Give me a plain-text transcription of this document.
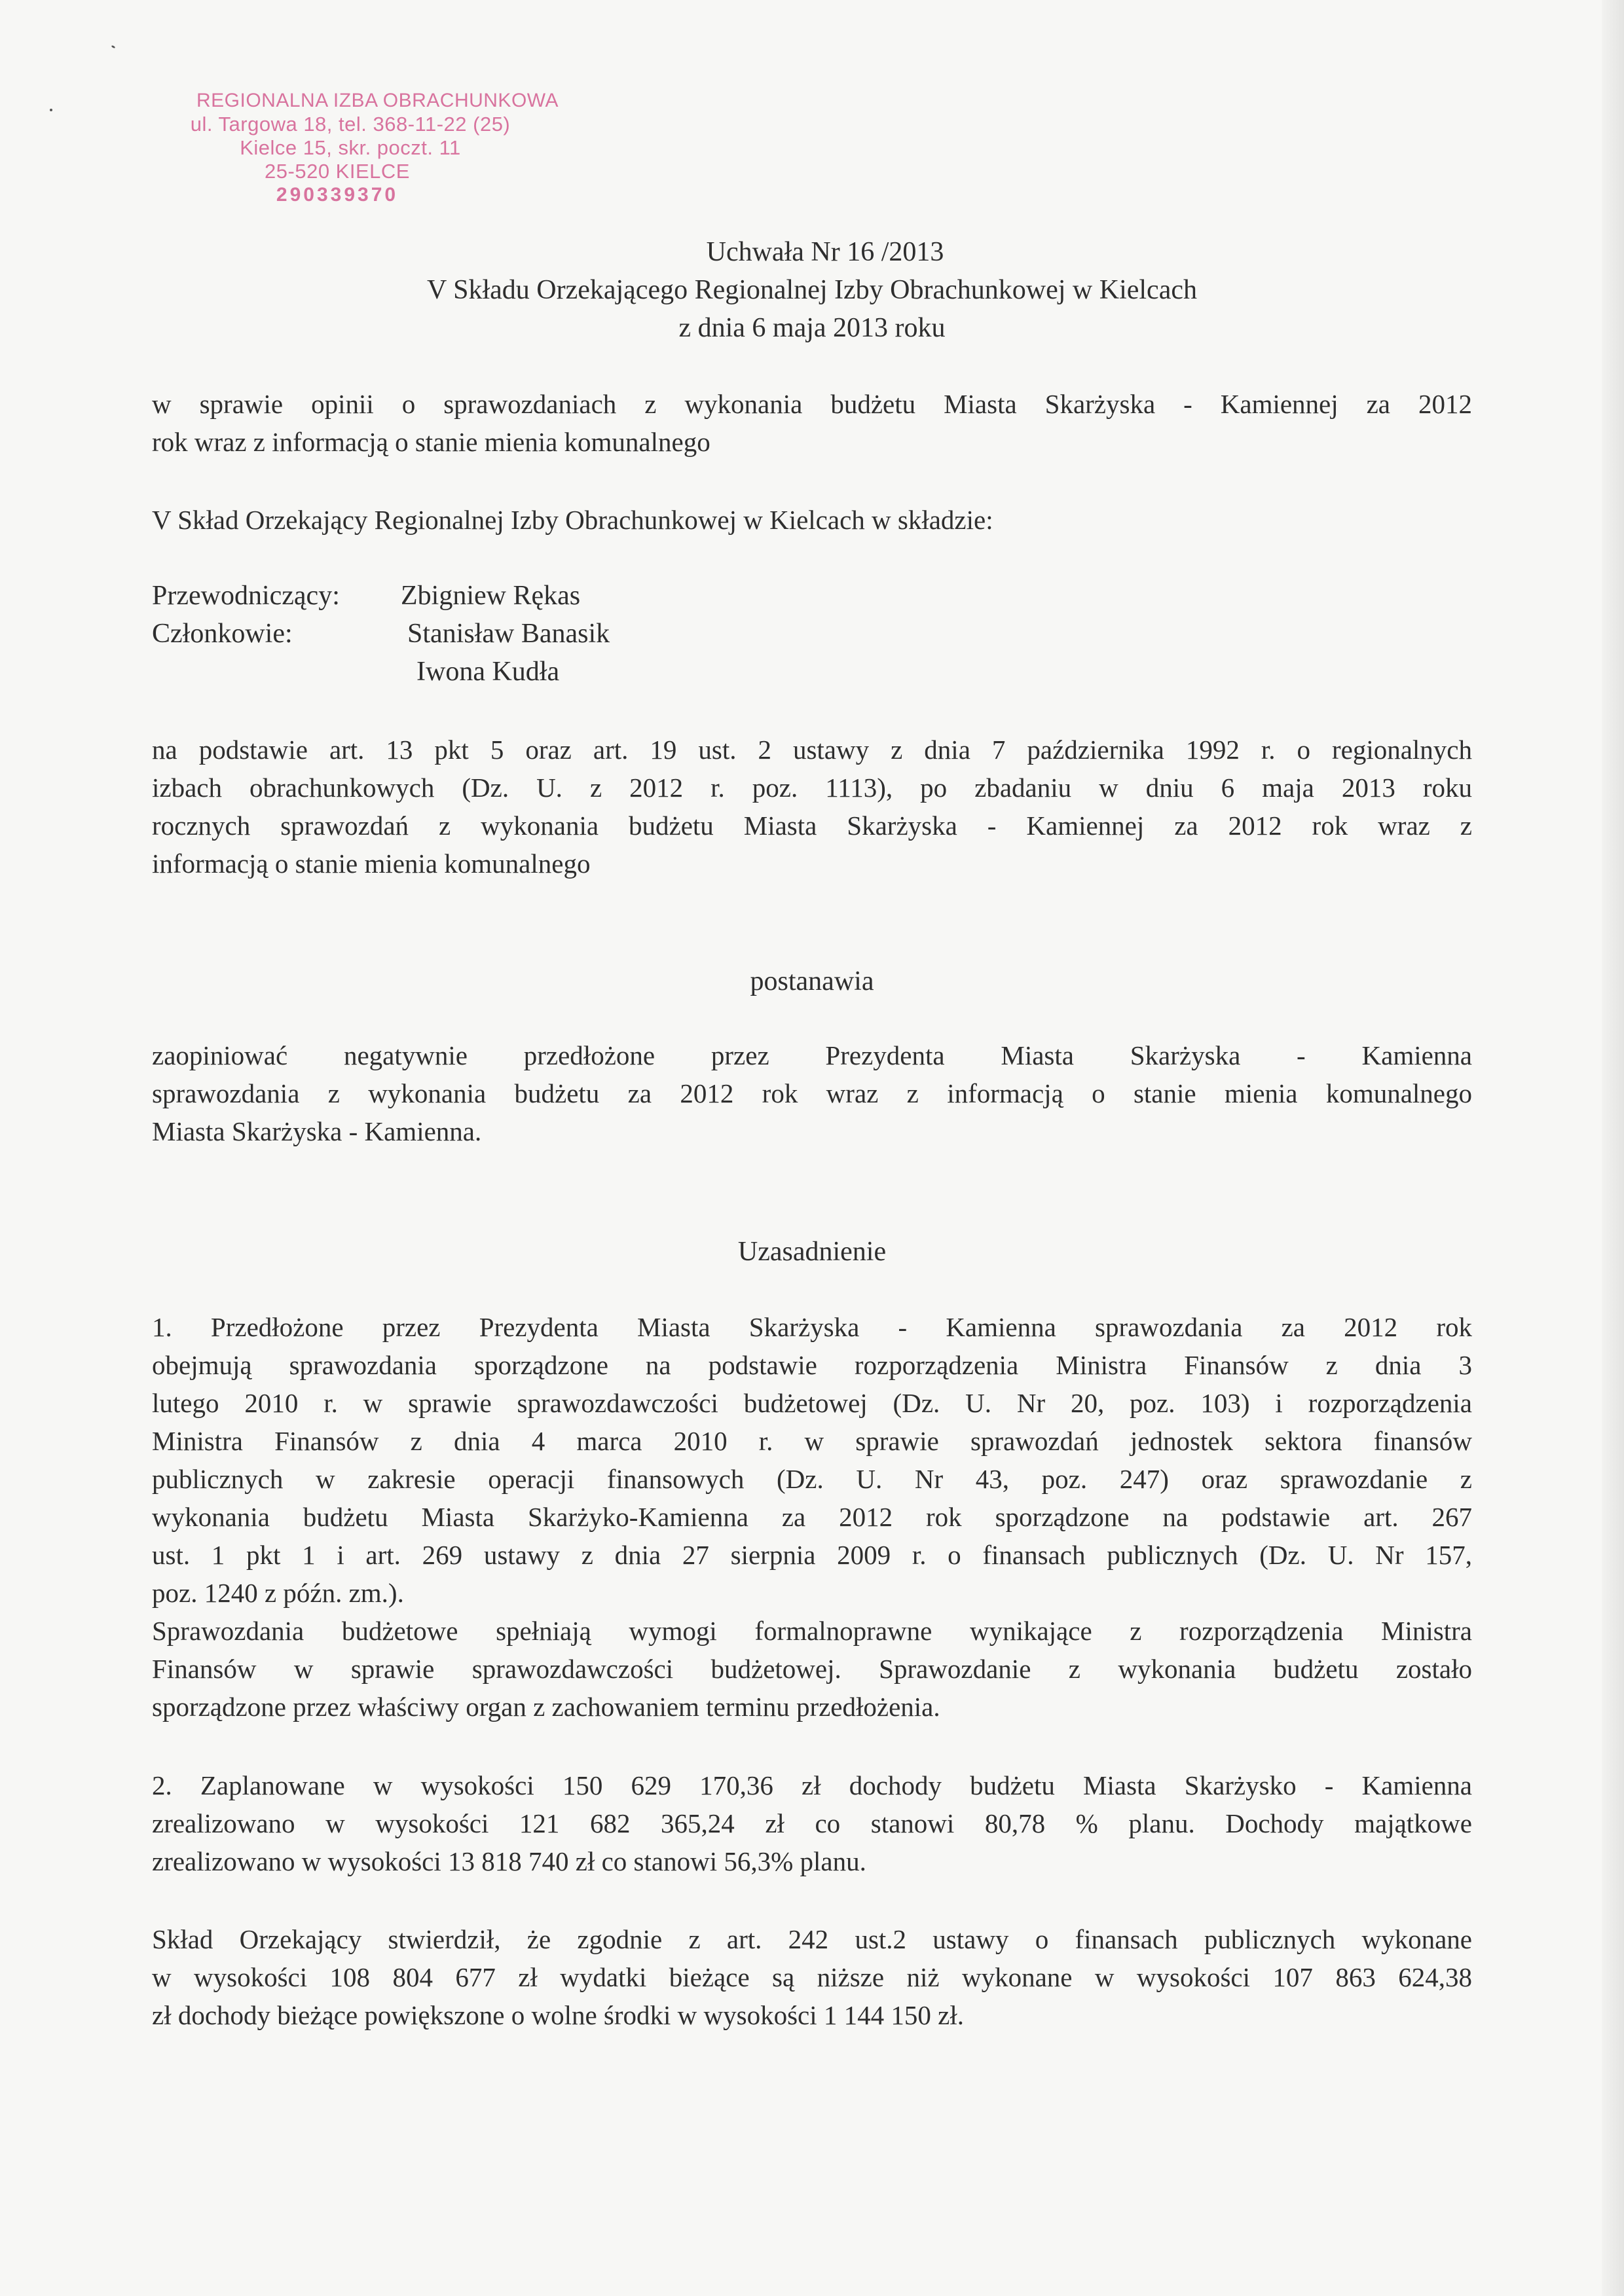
REGIONALNA IZBA OBRACHUNKOWA
ul. Targowa 18, tel. 368-11-22 (25)
Kielce 15, skr. poczt. 11
25-520 KIELCE
290339370
Uchwała Nr 16 /2013
V Składu Orzekającego Regionalnej Izby Obrachunkowej w Kielcach
z dnia 6 maja 2013 roku

w sprawie opinii o sprawozdaniach z wykonania budżetu Miasta Skarżyska - Kamiennej za 2012

rok wraz z informacją o stanie mienia komunalnego

V Skład Orzekający Regionalnej Izby Obrachunkowej w Kielcach w składzie:

Przewodniczący: Zbigniew Rękas
Członkowie:	Stanisław Banasik
Iwona Kudła

na podstawie art. 13 pkt 5 oraz art. 19 ust. 2 ustawy z dnia 7 października 1992 r. o regionalnych

izbach obrachunkowych (Dz. U. z 2012 r. poz. 1113), po zbadaniu w dniu 6 maja 2013 roku

rocznych sprawozdań z wykonania budżetu Miasta Skarżyska - Kamiennej za 2012 rok wraz z

informacją o stanie mienia komunalnego

postanawia

zaopiniować negatywnie przedłożone przez Prezydenta Miasta Skarżyska - Kamienna

sprawozdania z wykonania budżetu za 2012 rok wraz z informacją o stanie mienia komunalnego

Miasta Skarżyska - Kamienna.

Uzasadnienie

1. Przedłożone przez Prezydenta Miasta Skarżyska - Kamienna sprawozdania za 2012 rok

obejmują sprawozdania sporządzone na podstawie rozporządzenia Ministra Finansów z dnia 3

lutego 2010 r. w sprawie sprawozdawczości budżetowej (Dz. U. Nr 20, poz. 103) i rozporządzenia

Ministra Finansów z dnia 4 marca 2010 r. w sprawie sprawozdań jednostek sektora finansów

publicznych w zakresie operacji finansowych (Dz. U. Nr 43, poz. 247) oraz sprawozdanie z

wykonania budżetu Miasta Skarżyko-Kamienna za 2012 rok sporządzone na podstawie art. 267

ust. 1 pkt 1 i art. 269 ustawy z dnia 27 sierpnia 2009 r. o finansach publicznych (Dz. U. Nr 157,

poz. 1240 z późn. zm.).

Sprawozdania budżetowe spełniają wymogi formalnoprawne wynikające z rozporządzenia Ministra

Finansów w sprawie sprawozdawczości budżetowej. Sprawozdanie z wykonania budżetu zostało

sporządzone przez właściwy organ z zachowaniem terminu przedłożenia.

2. Zaplanowane w wysokości 150 629 170,36 zł dochody budżetu Miasta Skarżysko - Kamienna

zrealizowano w wysokości 121 682 365,24 zł co stanowi 80,78 % planu. Dochody majątkowe

zrealizowano w wysokości 13 818 740 zł co stanowi 56,3% planu.

Skład Orzekający stwierdził, że zgodnie z art. 242 ust.2 ustawy o finansach publicznych wykonane

w wysokości 108 804 677 zł wydatki bieżące są niższe niż wykonane w wysokości 107 863 624,38

zł dochody bieżące powiększone o wolne środki w wysokości 1 144 150 zł.
